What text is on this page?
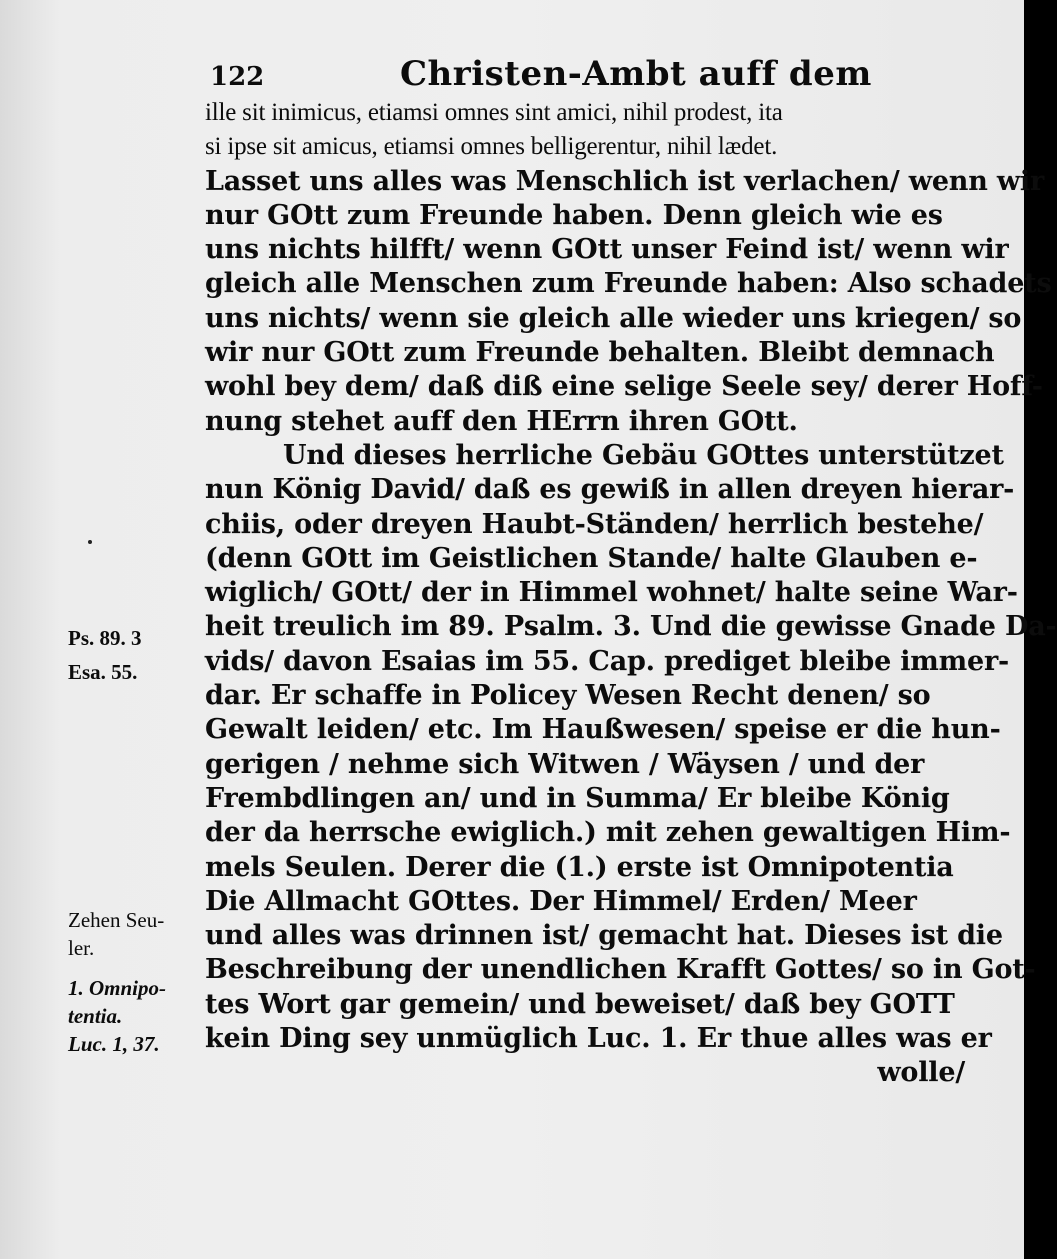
122	Christen-Ambt auff dem
Ps. 89. 3
Esa. 55.
Zehen Seu-
ler.
1. Omnipo-
tentia.
Luc. 1, 37.
ille sit inimicus, etiamsi omnes sint amici, nihil prodest, ita
si ipse sit amicus, etiamsi omnes belligerentur, nihil lædet.
Lasset uns alles was Menschlich ist verlachen/ wenn wir
nur GOtt zum Freunde haben. Denn gleich wie es
uns nichts hilfft/ wenn GOtt unser Feind ist/ wenn wir
gleich alle Menschen zum Freunde haben: Also schadets
uns nichts/ wenn sie gleich alle wieder uns kriegen/ so
wir nur GOtt zum Freunde behalten. Bleibt demnach
wohl bey dem/ daß diß eine selige Seele sey/ derer Hoff-
nung stehet auff den HErrn ihren GOtt.
Und dieses herrliche Gebäu GOttes unterstützet
nun König David/ daß es gewiß in allen dreyen hierar-
chiis, oder dreyen Haubt-Ständen/ herrlich bestehe/
(denn GOtt im Geistlichen Stande/ halte Glauben e-
wiglich/ GOtt/ der in Himmel wohnet/ halte seine War-
heit treulich im 89. Psalm. 3. Und die gewisse Gnade Da-
vids/ davon Esaias im 55. Cap. prediget bleibe immer-
dar. Er schaffe in Policey Wesen Recht denen/ so
Gewalt leiden/ etc. Im Haußwesen/ speise er die hun-
gerigen / nehme sich Witwen / Wäysen / und der
Frembdlingen an/ und in Summa/ Er bleibe König
der da herrsche ewiglich.) mit zehen gewaltigen Him-
mels Seulen. Derer die (1.) erste ist Omnipotentia
Die Allmacht GOttes. Der Himmel/ Erden/ Meer
und alles was drinnen ist/ gemacht hat. Dieses ist die
Beschreibung der unendlichen Krafft Gottes/ so in Got-
tes Wort gar gemein/ und beweiset/ daß bey GOTT
kein Ding sey unmüglich Luc. 1. Er thue alles was er
wolle/
